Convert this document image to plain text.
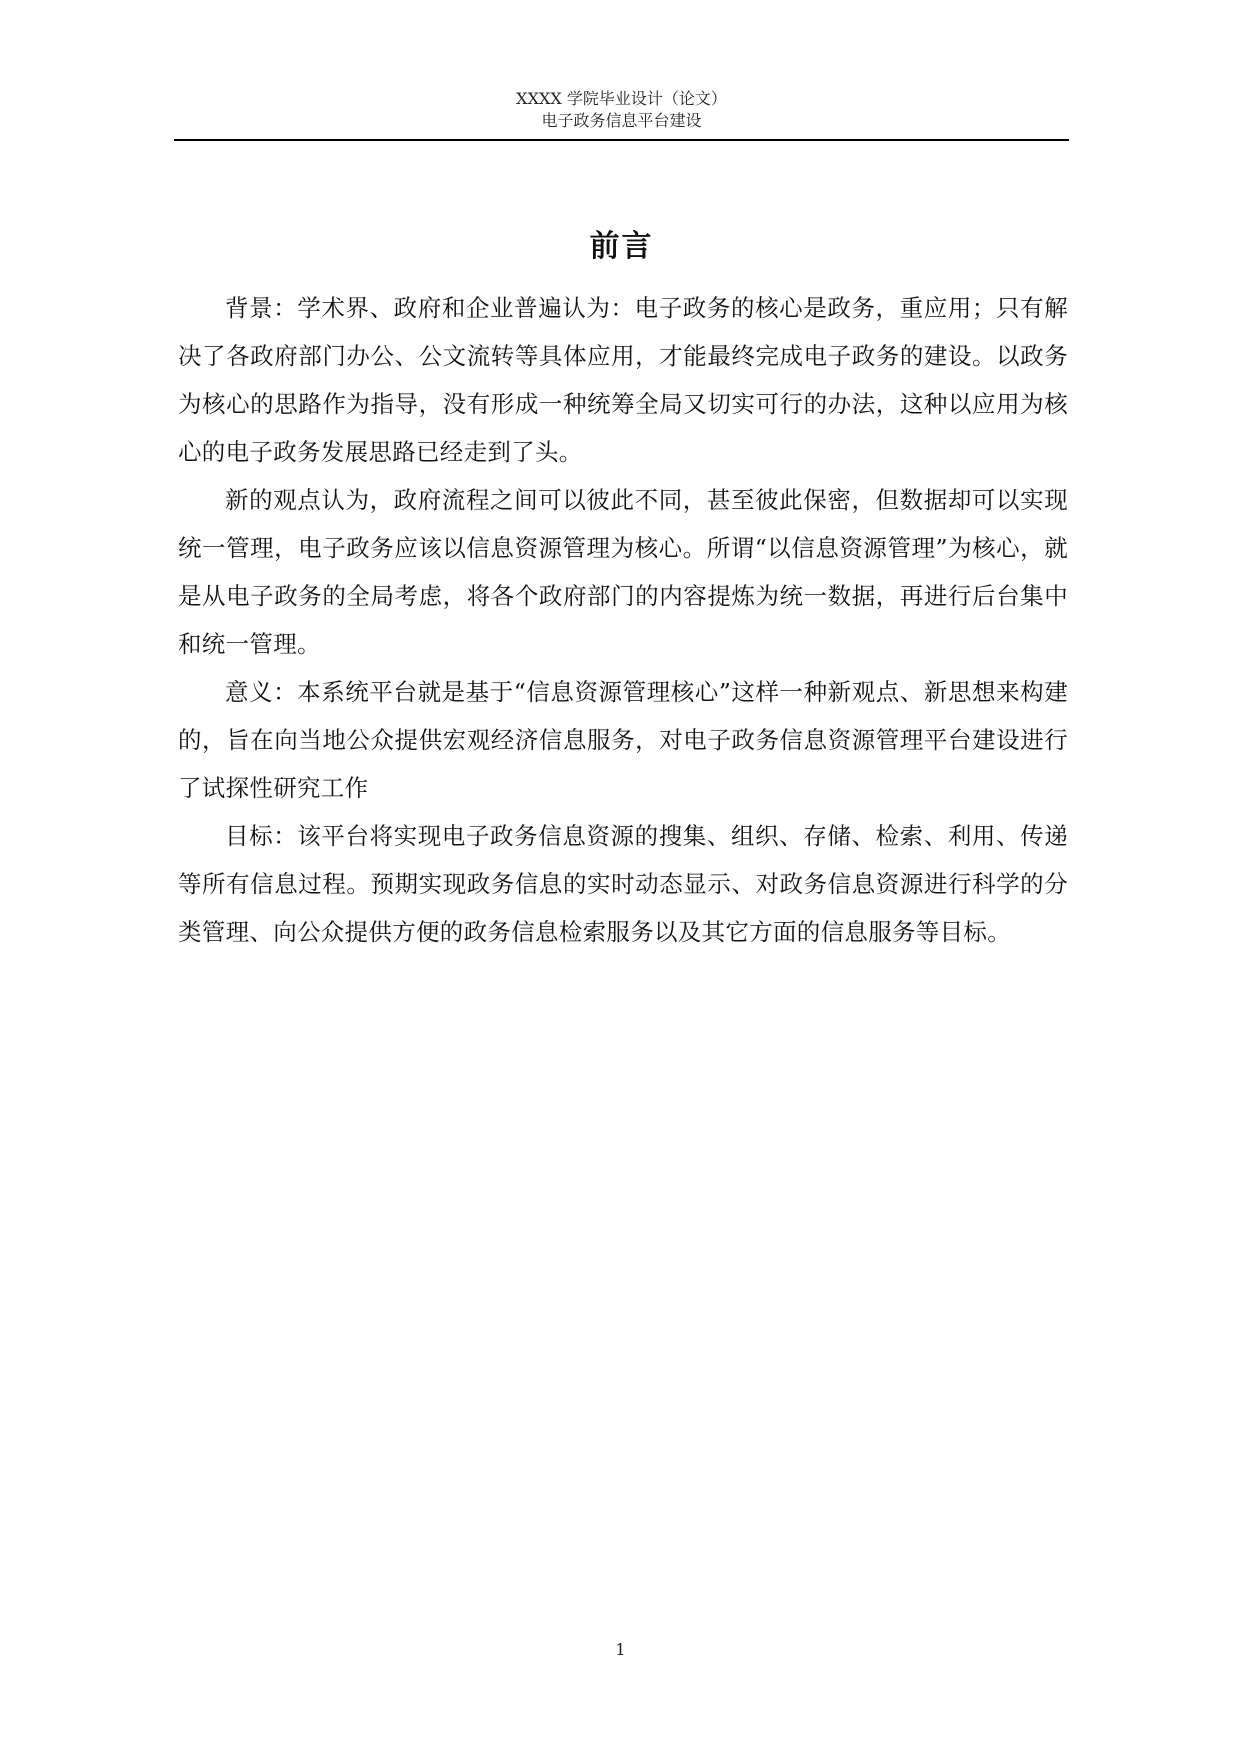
XXXX 学院毕业设计（论文）
电子政务信息平台建设
前言

背景：学术界、政府和企业普遍认为：电子政务的核心是政务，重应用；只有解决了各政府部门办公、公文流转等具体应用，才能最终完成电子政务的建设。以政务为核心的思路作为指导，没有形成一种统筹全局又切实可行的办法，这种以应用为核心的电子政务发展思路已经走到了头。

新的观点认为，政府流程之间可以彼此不同，甚至彼此保密，但数据却可以实现统一管理，电子政务应该以信息资源管理为核心。所谓“以信息资源管理”为核心，就是从电子政务的全局考虑，将各个政府部门的内容提炼为统一数据，再进行后台集中和统一管理。

意义：本系统平台就是基于“信息资源管理核心”这样一种新观点、新思想来构建的，旨在向当地公众提供宏观经济信息服务，对电子政务信息资源管理平台建设进行了试探性研究工作

目标：该平台将实现电子政务信息资源的搜集、组织、存储、检索、利用、传递等所有信息过程。预期实现政务信息的实时动态显示、对政务信息资源进行科学的分类管理、向公众提供方便的政务信息检索服务以及其它方面的信息服务等目标。

1
